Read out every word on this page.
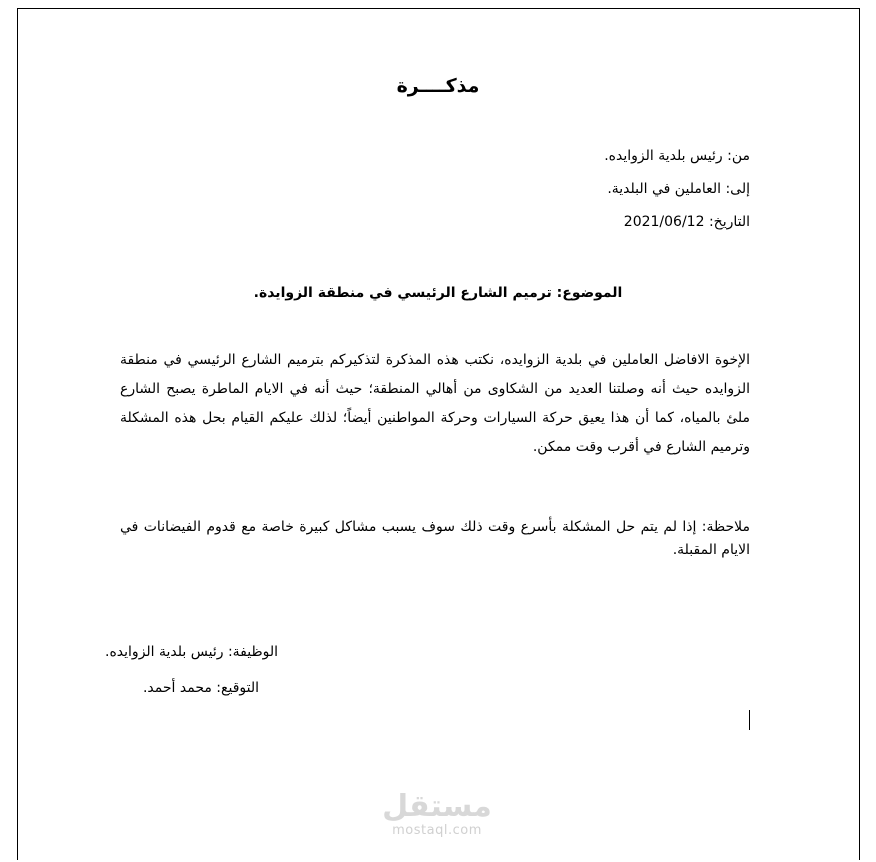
مذكــــرة
من: رئيس بلدية الزوايده.
إلى: العاملين في البلدية.
التاريخ: 2021/06/12
الموضوع: ترميم الشارع الرئيسي في منطقة الزوايدة.
الإخوة الافاضل العاملين في بلدية الزوايده، نكتب هذه المذكرة لتذكيركم بترميم الشارع الرئيسي في منطقة الزوايده حيث أنه وصلتنا العديد من الشكاوى من أهالي المنطقة؛ حيث أنه في الايام الماطرة يصبح الشارع ملئ بالمياه، كما أن هذا يعيق حركة السيارات وحركة المواطنين أيضاً؛ لذلك عليكم القيام بحل هذه المشكلة وترميم الشارع في أقرب وقت ممكن.
ملاحظة: إذا لم يتم حل المشكلة بأسرع وقت ذلك سوف يسبب مشاكل كبيرة خاصة مع قدوم الفيضانات في الايام المقبلة.
الوظيفة: رئيس بلدية الزوايده.
التوقيع: محمد أحمد.
مستقل
mostaql.com
